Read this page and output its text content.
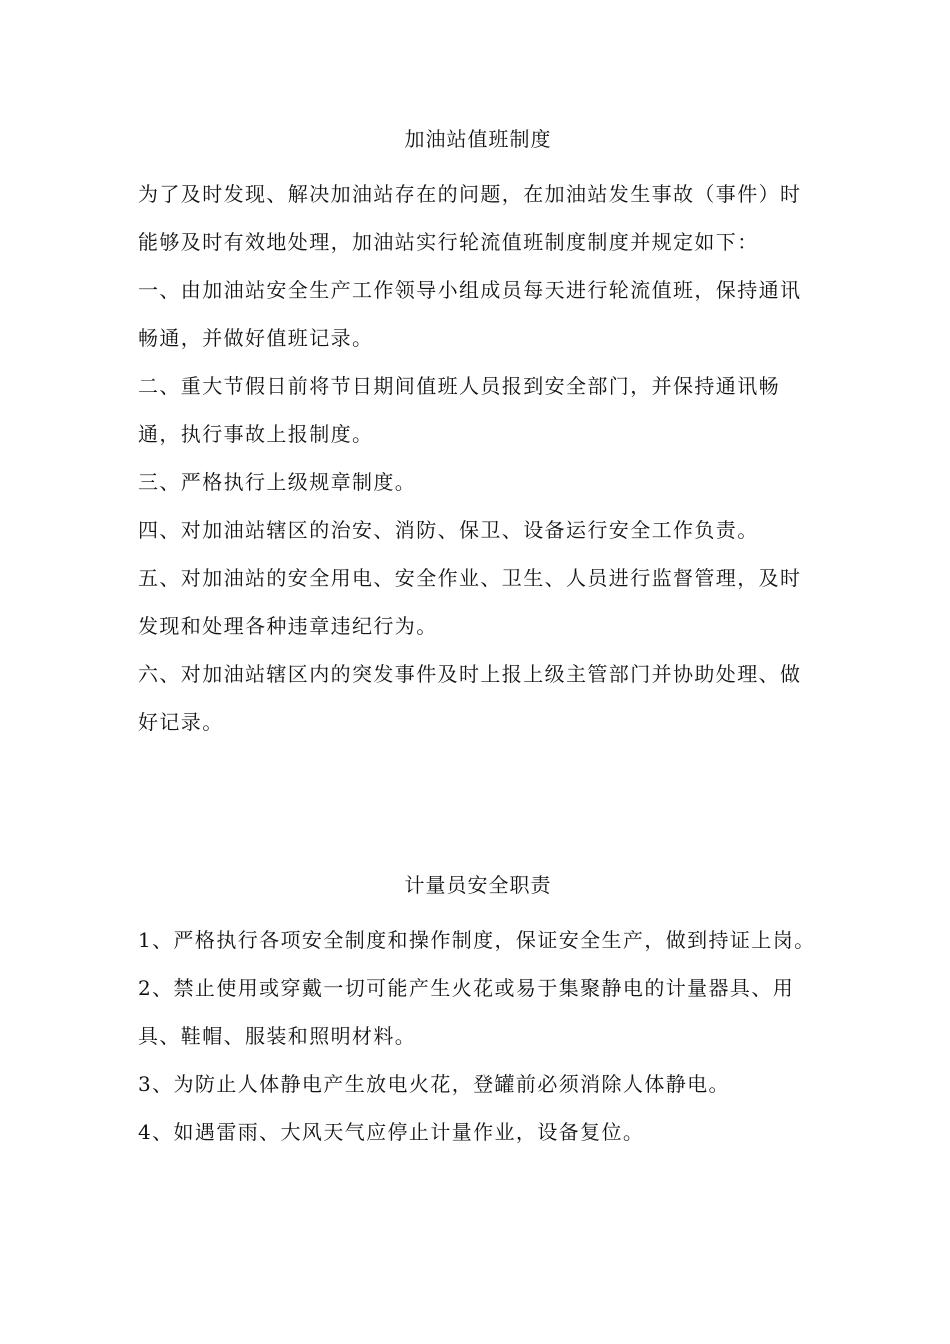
加油站值班制度

为了及时发现、解决加油站存在的问题，在加油站发生事故（事件）时能够及时有效地处理，加油站实行轮流值班制度制度并规定如下：

一、由加油站安全生产工作领导小组成员每天进行轮流值班，保持通讯畅通，并做好值班记录。

二、重大节假日前将节日期间值班人员报到安全部门，并保持通讯畅通，执行事故上报制度。

三、严格执行上级规章制度。

四、对加油站辖区的治安、消防、保卫、设备运行安全工作负责。

五、对加油站的安全用电、安全作业、卫生、人员进行监督管理，及时发现和处理各种违章违纪行为。

六、对加油站辖区内的突发事件及时上报上级主管部门并协助处理、做好记录。

计量员安全职责

1、严格执行各项安全制度和操作制度，保证安全生产，做到持证上岗。

2、禁止使用或穿戴一切可能产生火花或易于集聚静电的计量器具、用具、鞋帽、服装和照明材料。

3、为防止人体静电产生放电火花，登罐前必须消除人体静电。

4、如遇雷雨、大风天气应停止计量作业，设备复位。
